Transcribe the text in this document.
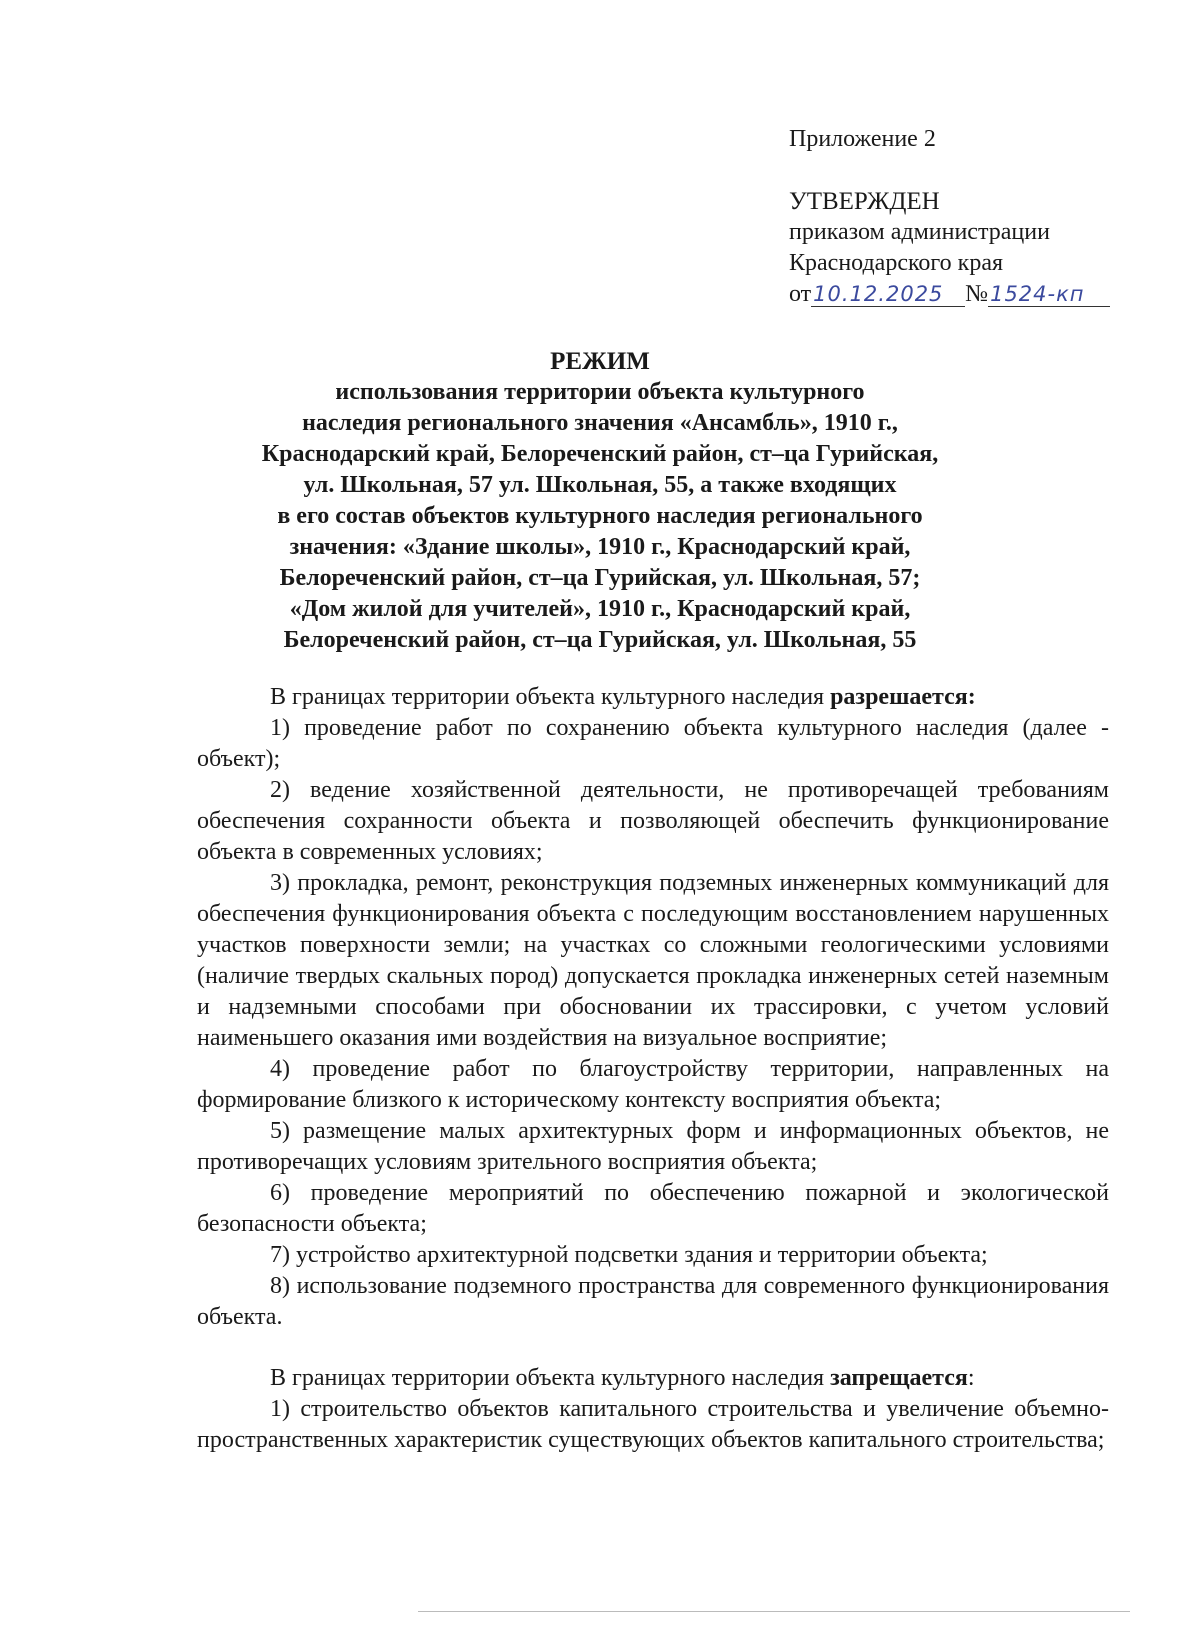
Приложение 2
УТВЕРЖДЕН
приказом администрации
Краснодарского края
от10.12.2025 №1524-кп
РЕЖИМ
использования территории объекта культурного
наследия регионального значения «Ансамбль», 1910 г.,
Краснодарский край, Белореченский район, ст–ца Гурийская,
ул. Школьная, 57 ул. Школьная, 55, а также входящих
в его состав объектов культурного наследия регионального
значения: «Здание школы», 1910 г., Краснодарский край,
Белореченский район, ст–ца Гурийская, ул. Школьная, 57;
«Дом жилой для учителей», 1910 г., Краснодарский край,
Белореченский район, ст–ца Гурийская, ул. Школьная, 55

В границах территории объекта культурного наследия разрешается:

1) проведение работ по сохранению объекта культурного наследия (далее - объект);

2) ведение хозяйственной деятельности, не противоречащей требованиям обеспечения сохранности объекта и позволяющей обеспечить функционирование объекта в современных условиях;

3) прокладка, ремонт, реконструкция подземных инженерных коммуникаций для обеспечения функционирования объекта с последующим восстановлением нарушенных участков поверхности земли; на участках со сложными геологическими условиями (наличие твердых скальных пород) допускается прокладка инженерных сетей наземным и надземными способами при обосновании их трассировки, с учетом условий наименьшего оказания ими воздействия на визуальное восприятие;

4) проведение работ по благоустройству территории, направленных на формирование близкого к историческому контексту восприятия объекта;

5) размещение малых архитектурных форм и информационных объектов, не противоречащих условиям зрительного восприятия объекта;

6) проведение мероприятий по обеспечению пожарной и экологической безопасности объекта;

7) устройство архитектурной подсветки здания и территории объекта;

8) использование подземного пространства для современного функционирования объекта.

В границах территории объекта культурного наследия запрещается:

1) строительство объектов капитального строительства и увеличение объемно-пространственных характеристик существующих объектов капитального строительства;
